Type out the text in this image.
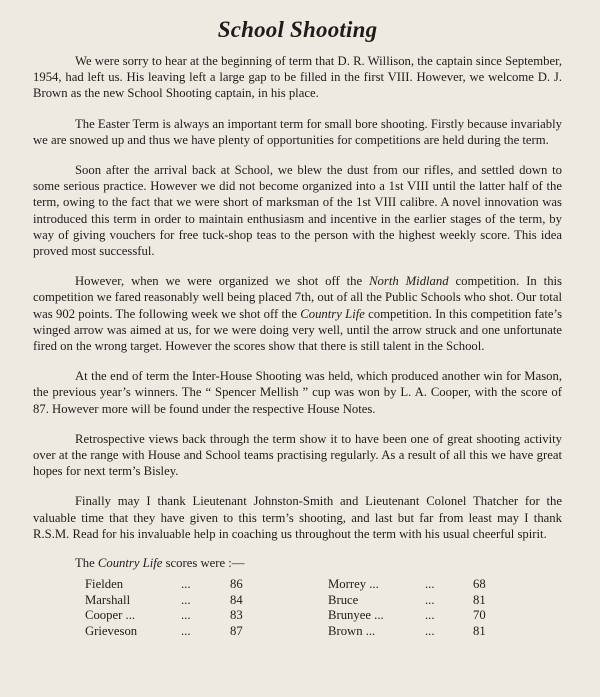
School Shooting

We were sorry to hear at the beginning of term that D. R. Willison, the captain since September, 1954, had left us. His leaving left a large gap to be filled in the first VIII. However, we welcome D. J. Brown as the new School Shooting captain, in his place.

The Easter Term is always an important term for small bore shooting. Firstly because invariably we are snowed up and thus we have plenty of opportunities for competitions are held during the term.

Soon after the arrival back at School, we blew the dust from our rifles, and settled down to some serious practice. However we did not become organized into a 1st VIII until the latter half of the term, owing to the fact that we were short of marksman of the 1st VIII calibre. A novel innovation was introduced this term in order to maintain enthusiasm and incentive in the earlier stages of the term, by way of giving vouchers for free tuck-shop teas to the person with the highest weekly score. This idea proved most successful.

However, when we were organized we shot off the North Midland competition. In this competition we fared reasonably well being placed 7th, out of all the Public Schools who shot. Our total was 902 points. The following week we shot off the Country Life competition. In this competition fate’s winged arrow was aimed at us, for we were doing very well, until the arrow struck and one unfortunate fired on the wrong target. However the scores show that there is still talent in the School.

At the end of term the Inter-House Shooting was held, which produced another win for Mason, the previous year’s winners. The “ Spencer Mellish ” cup was won by L. A. Cooper, with the score of 87. However more will be found under the respective House Notes.

Retrospective views back through the term show it to have been one of great shooting activity over at the range with House and School teams practising regularly. As a result of all this we have great hopes for next term’s Bisley.

Finally may I thank Lieutenant Johnston-Smith and Lieutenant Colonel Thatcher for the valuable time that they have given to this term’s shooting, and last but far from least may I thank R.S.M. Read for his invaluable help in coaching us throughout the term with his usual cheerful spirit.

The Country Life scores were :—
Fielden	...	86
Marshall	...	84
Cooper ...	...	83
Grieveson	...	87
Morrey ...	...	68
Bruce	...	81
Brunyee ...	...	70
Brown ...	...	81
